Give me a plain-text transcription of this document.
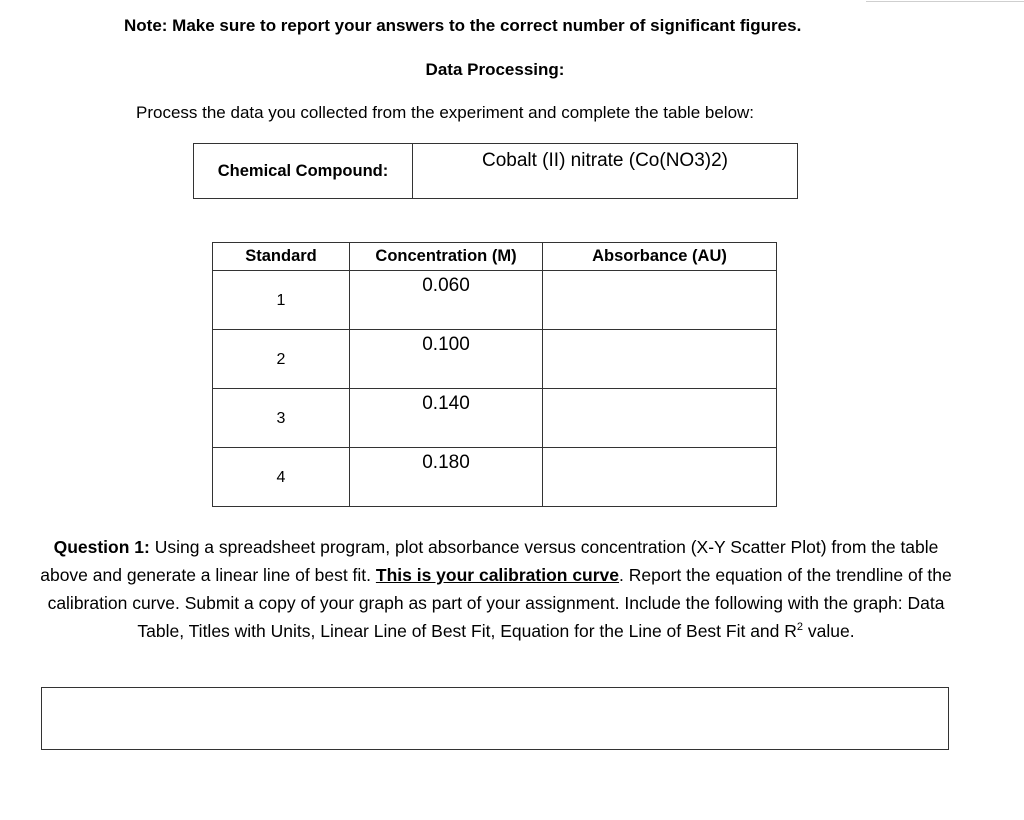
Note: Make sure to report your answers to the correct number of significant figures.
Data Processing:
Process the data you collected from the experiment and complete the table below:
Chemical Compound:	Cobalt (II) nitrate (Co(NO3)2)
Standard	Concentration (M)	Absorbance (AU)
1	0.060	
2	0.100	
3	0.140	
4	0.180	
Question 1: Using a spreadsheet program, plot absorbance versus concentration (X-Y Scatter Plot) from the table above and generate a linear line of best fit. This is your calibration curve. Report the equation of the trendline of the calibration curve. Submit a copy of your graph as part of your assignment. Include the following with the graph: Data Table, Titles with Units, Linear Line of Best Fit, Equation for the Line of Best Fit and $R^2$ value.
